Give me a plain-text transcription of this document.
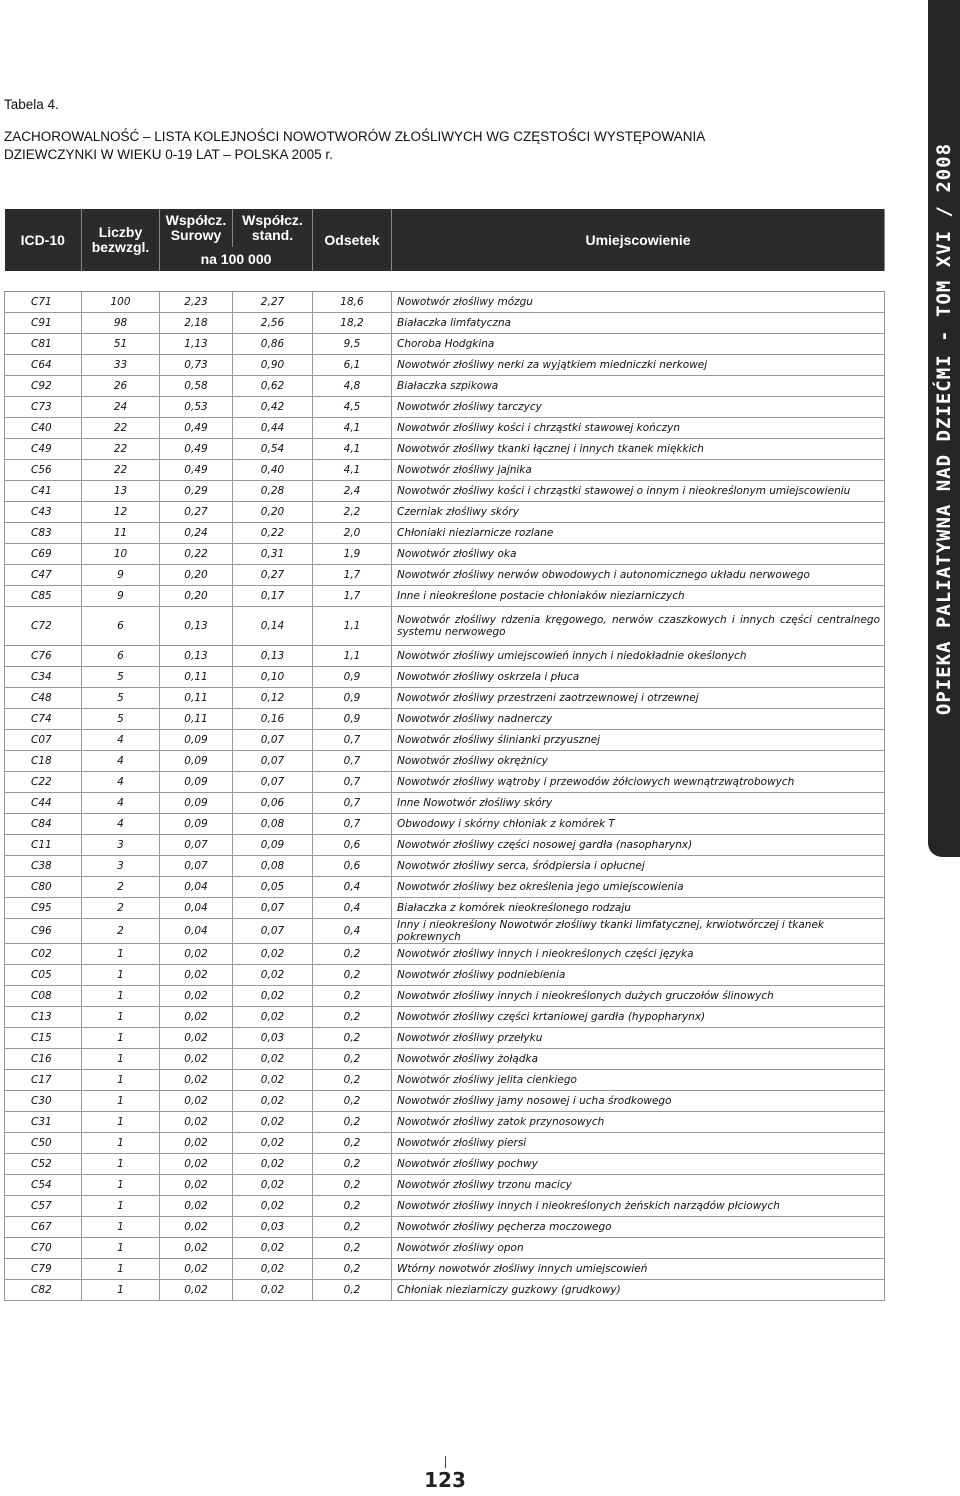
Tabela 4.
ZACHOROWALNOŚĆ – LISTA KOLEJNOŚCI NOWOTWORÓW ZŁOŚLIWYCH WG CZĘSTOŚCI WYSTĘPOWANIA
DZIEWCZYNKI W WIEKU 0-19 LAT – POLSKA 2005 r.
ICD-10	Liczby bezwzgl.	Współcz. Surowy	Współcz. stand.	Odsetek	Umiejscowienie
		na 100 000			

C71	100	2,23	2,27	18,6	Nowotwór złośliwy mózgu
C91	98	2,18	2,56	18,2	Białaczka limfatyczna
C81	51	1,13	0,86	9,5	Choroba Hodgkina
C64	33	0,73	0,90	6,1	Nowotwór złośliwy nerki za wyjątkiem miedniczki nerkowej
C92	26	0,58	0,62	4,8	Białaczka szpikowa
C73	24	0,53	0,42	4,5	Nowotwór złośliwy tarczycy
C40	22	0,49	0,44	4,1	Nowotwór złośliwy kości i chrząstki stawowej kończyn
C49	22	0,49	0,54	4,1	Nowotwór złośliwy tkanki łącznej i innych tkanek miękkich
C56	22	0,49	0,40	4,1	Nowotwór złośliwy jajnika
C41	13	0,29	0,28	2,4	Nowotwór złośliwy kości i chrząstki stawowej o innym i nieokreślonym umiejscowieniu
C43	12	0,27	0,20	2,2	Czerniak złośliwy skóry
C83	11	0,24	0,22	2,0	Chłoniaki nieziarnicze rozlane
C69	10	0,22	0,31	1,9	Nowotwór złośliwy oka
C47	9	0,20	0,27	1,7	Nowotwór złośliwy nerwów obwodowych i autonomicznego układu nerwowego
C85	9	0,20	0,17	1,7	Inne i nieokreślone postacie chłoniaków nieziarniczych
C72	6	0,13	0,14	1,1	Nowotwór złośliwy rdzenia kręgowego, nerwów czaszkowych i innych części centralnego systemu nerwowego
C76	6	0,13	0,13	1,1	Nowotwór złośliwy umiejscowień innych i niedokładnie okeślonych
C34	5	0,11	0,10	0,9	Nowotwór złośliwy oskrzela i płuca
C48	5	0,11	0,12	0,9	Nowotwór złośliwy przestrzeni zaotrzewnowej i otrzewnej
C74	5	0,11	0,16	0,9	Nowotwór złośliwy nadnerczy
C07	4	0,09	0,07	0,7	Nowotwór złośliwy ślinianki przyusznej
C18	4	0,09	0,07	0,7	Nowotwór złośliwy okrężnicy
C22	4	0,09	0,07	0,7	Nowotwór złośliwy wątroby i przewodów żółciowych wewnątrzwątrobowych
C44	4	0,09	0,06	0,7	Inne Nowotwór złośliwy skóry
C84	4	0,09	0,08	0,7	Obwodowy i skórny chłoniak z komórek T
C11	3	0,07	0,09	0,6	Nowotwór złośliwy części nosowej gardła (nasopharynx)
C38	3	0,07	0,08	0,6	Nowotwór złośliwy serca, śródpiersia i opłucnej
C80	2	0,04	0,05	0,4	Nowotwór złośliwy bez określenia jego umiejscowienia
C95	2	0,04	0,07	0,4	Białaczka z komórek nieokreślonego rodzaju
C96	2	0,04	0,07	0,4	Inny i nieokreślony Nowotwór złośliwy tkanki limfatycznej, krwiotwórczej i tkanek pokrewnych
C02	1	0,02	0,02	0,2	Nowotwór złośliwy innych i nieokreślonych części języka
C05	1	0,02	0,02	0,2	Nowotwór złośliwy podniebienia
C08	1	0,02	0,02	0,2	Nowotwór złośliwy innych i nieokreślonych dużych gruczołów ślinowych
C13	1	0,02	0,02	0,2	Nowotwór złośliwy części krtaniowej gardła (hypopharynx)
C15	1	0,02	0,03	0,2	Nowotwór złośliwy przełyku
C16	1	0,02	0,02	0,2	Nowotwór złośliwy żołądka
C17	1	0,02	0,02	0,2	Nowotwór złośliwy jelita cienkiego
C30	1	0,02	0,02	0,2	Nowotwór złośliwy jamy nosowej i ucha środkowego
C31	1	0,02	0,02	0,2	Nowotwór złośliwy zatok przynosowych
C50	1	0,02	0,02	0,2	Nowotwór złośliwy piersi
C52	1	0,02	0,02	0,2	Nowotwór złośliwy pochwy
C54	1	0,02	0,02	0,2	Nowotwór złośliwy trzonu macicy
C57	1	0,02	0,02	0,2	Nowotwór złośliwy innych i nieokreślonych żeńskich narządów płciowych
C67	1	0,02	0,03	0,2	Nowotwór złośliwy pęcherza moczowego
C70	1	0,02	0,02	0,2	Nowotwór złośliwy opon
C79	1	0,02	0,02	0,2	Wtórny nowotwór złośliwy innych umiejscowień
C82	1	0,02	0,02	0,2	Chłoniak nieziarniczy guzkowy (grudkowy)
OPIEKA PALIATYWNA NAD DZIEĆMI - TOM XVI / 2008
123
